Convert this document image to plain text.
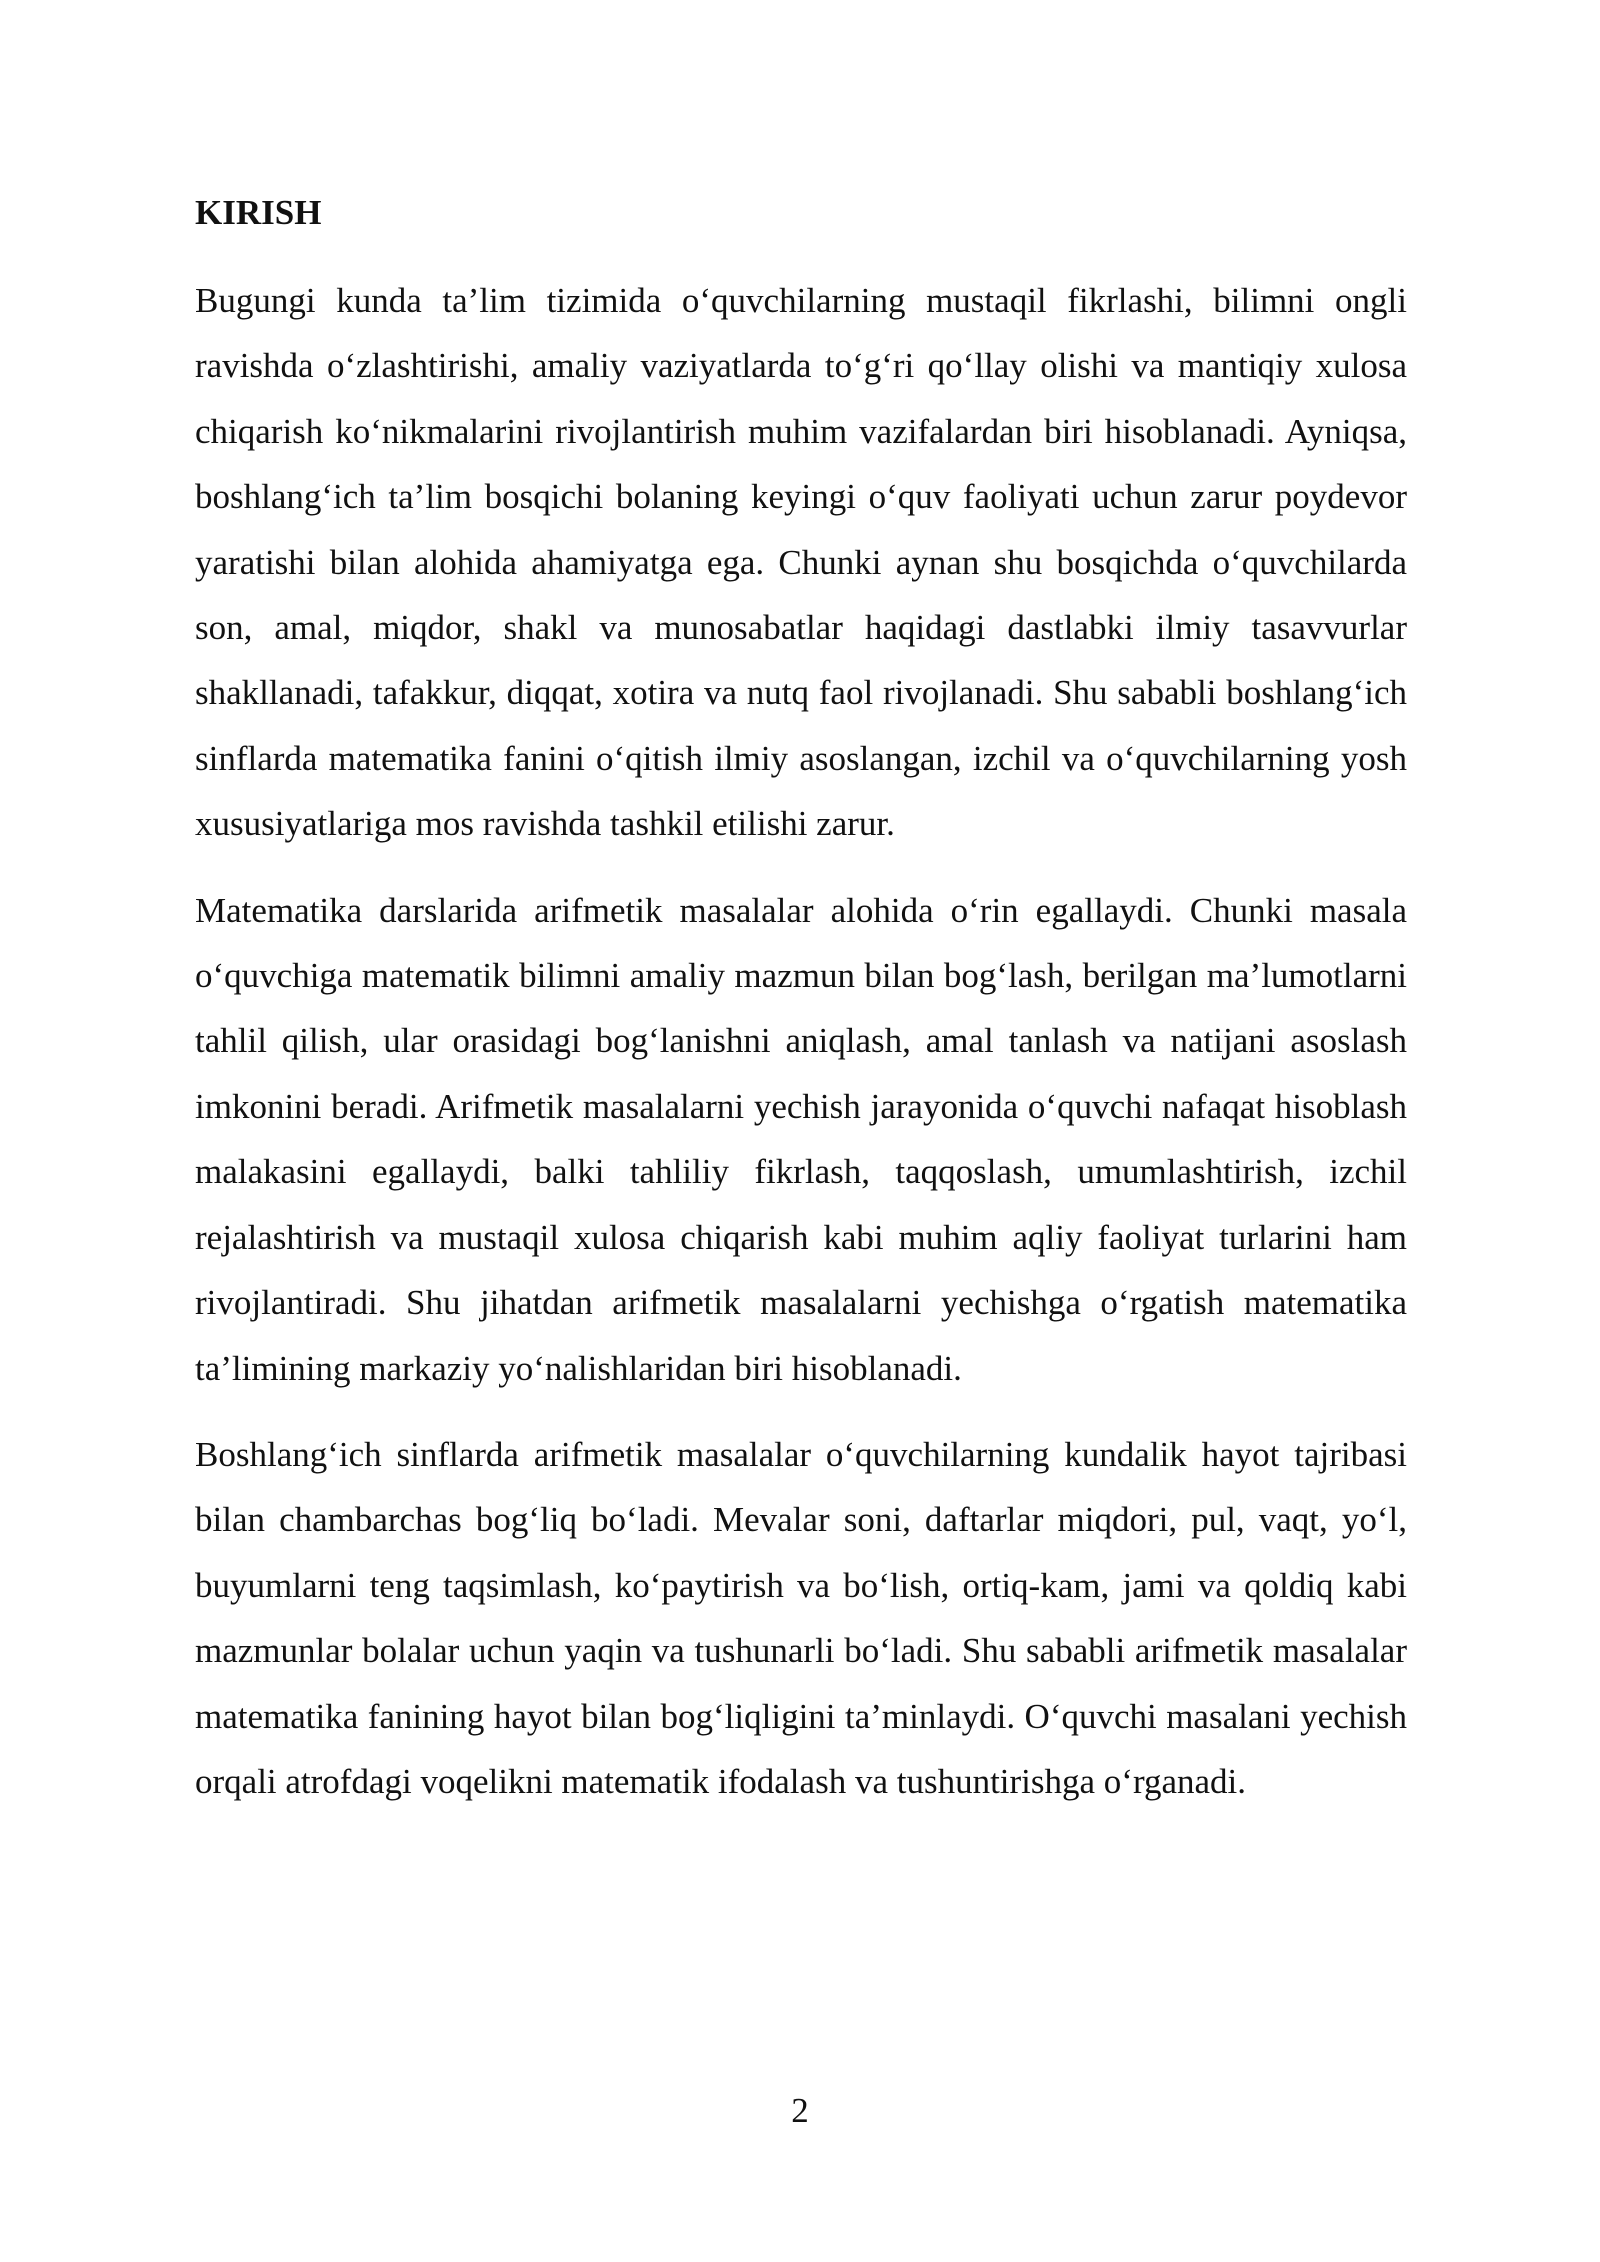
KIRISH

Bugungi kunda ta’lim tizimida o‘quvchilarning mustaqil fikrlashi, bilimni ongli ravishda o‘zlashtirishi, amaliy vaziyatlarda to‘g‘ri qo‘llay olishi va mantiqiy xulosa chiqarish ko‘nikmalarini rivojlantirish muhim vazifalardan biri hisoblanadi. Ayniqsa, boshlang‘ich ta’lim bosqichi bolaning keyingi o‘quv faoliyati uchun zarur poydevor yaratishi bilan alohida ahamiyatga ega. Chunki aynan shu bosqichda o‘quvchilarda son, amal, miqdor, shakl va munosabatlar haqidagi dastlabki ilmiy tasavvurlar shakllanadi, tafakkur, diqqat, xotira va nutq faol rivojlanadi. Shu sababli boshlang‘ich sinflarda matematika fanini o‘qitish ilmiy asoslangan, izchil va o‘quvchilarning yosh xususiyatlariga mos ravishda tashkil etilishi zarur.

Matematika darslarida arifmetik masalalar alohida o‘rin egallaydi. Chunki masala o‘quvchiga matematik bilimni amaliy mazmun bilan bog‘lash, berilgan ma’lumotlarni tahlil qilish, ular orasidagi bog‘lanishni aniqlash, amal tanlash va natijani asoslash imkonini beradi. Arifmetik masalalarni yechish jarayonida o‘quvchi nafaqat hisoblash malakasini egallaydi, balki tahliliy fikrlash, taqqoslash, umumlashtirish, izchil rejalashtirish va mustaqil xulosa chiqarish kabi muhim aqliy faoliyat turlarini ham rivojlantiradi. Shu jihatdan arifmetik masalalarni yechishga o‘rgatish matematika ta’limining markaziy yo‘nalishlaridan biri hisoblanadi.

Boshlang‘ich sinflarda arifmetik masalalar o‘quvchilarning kundalik hayot tajribasi bilan chambarchas bog‘liq bo‘ladi. Mevalar soni, daftarlar miqdori, pul, vaqt, yo‘l, buyumlarni teng taqsimlash, ko‘paytirish va bo‘lish, ortiq-kam, jami va qoldiq kabi mazmunlar bolalar uchun yaqin va tushunarli bo‘ladi. Shu sababli arifmetik masalalar matematika fanining hayot bilan bog‘liqligini ta’minlaydi. O‘quvchi masalani yechish orqali atrofdagi voqelikni matematik ifodalash va tushuntirishga o‘rganadi.

2
